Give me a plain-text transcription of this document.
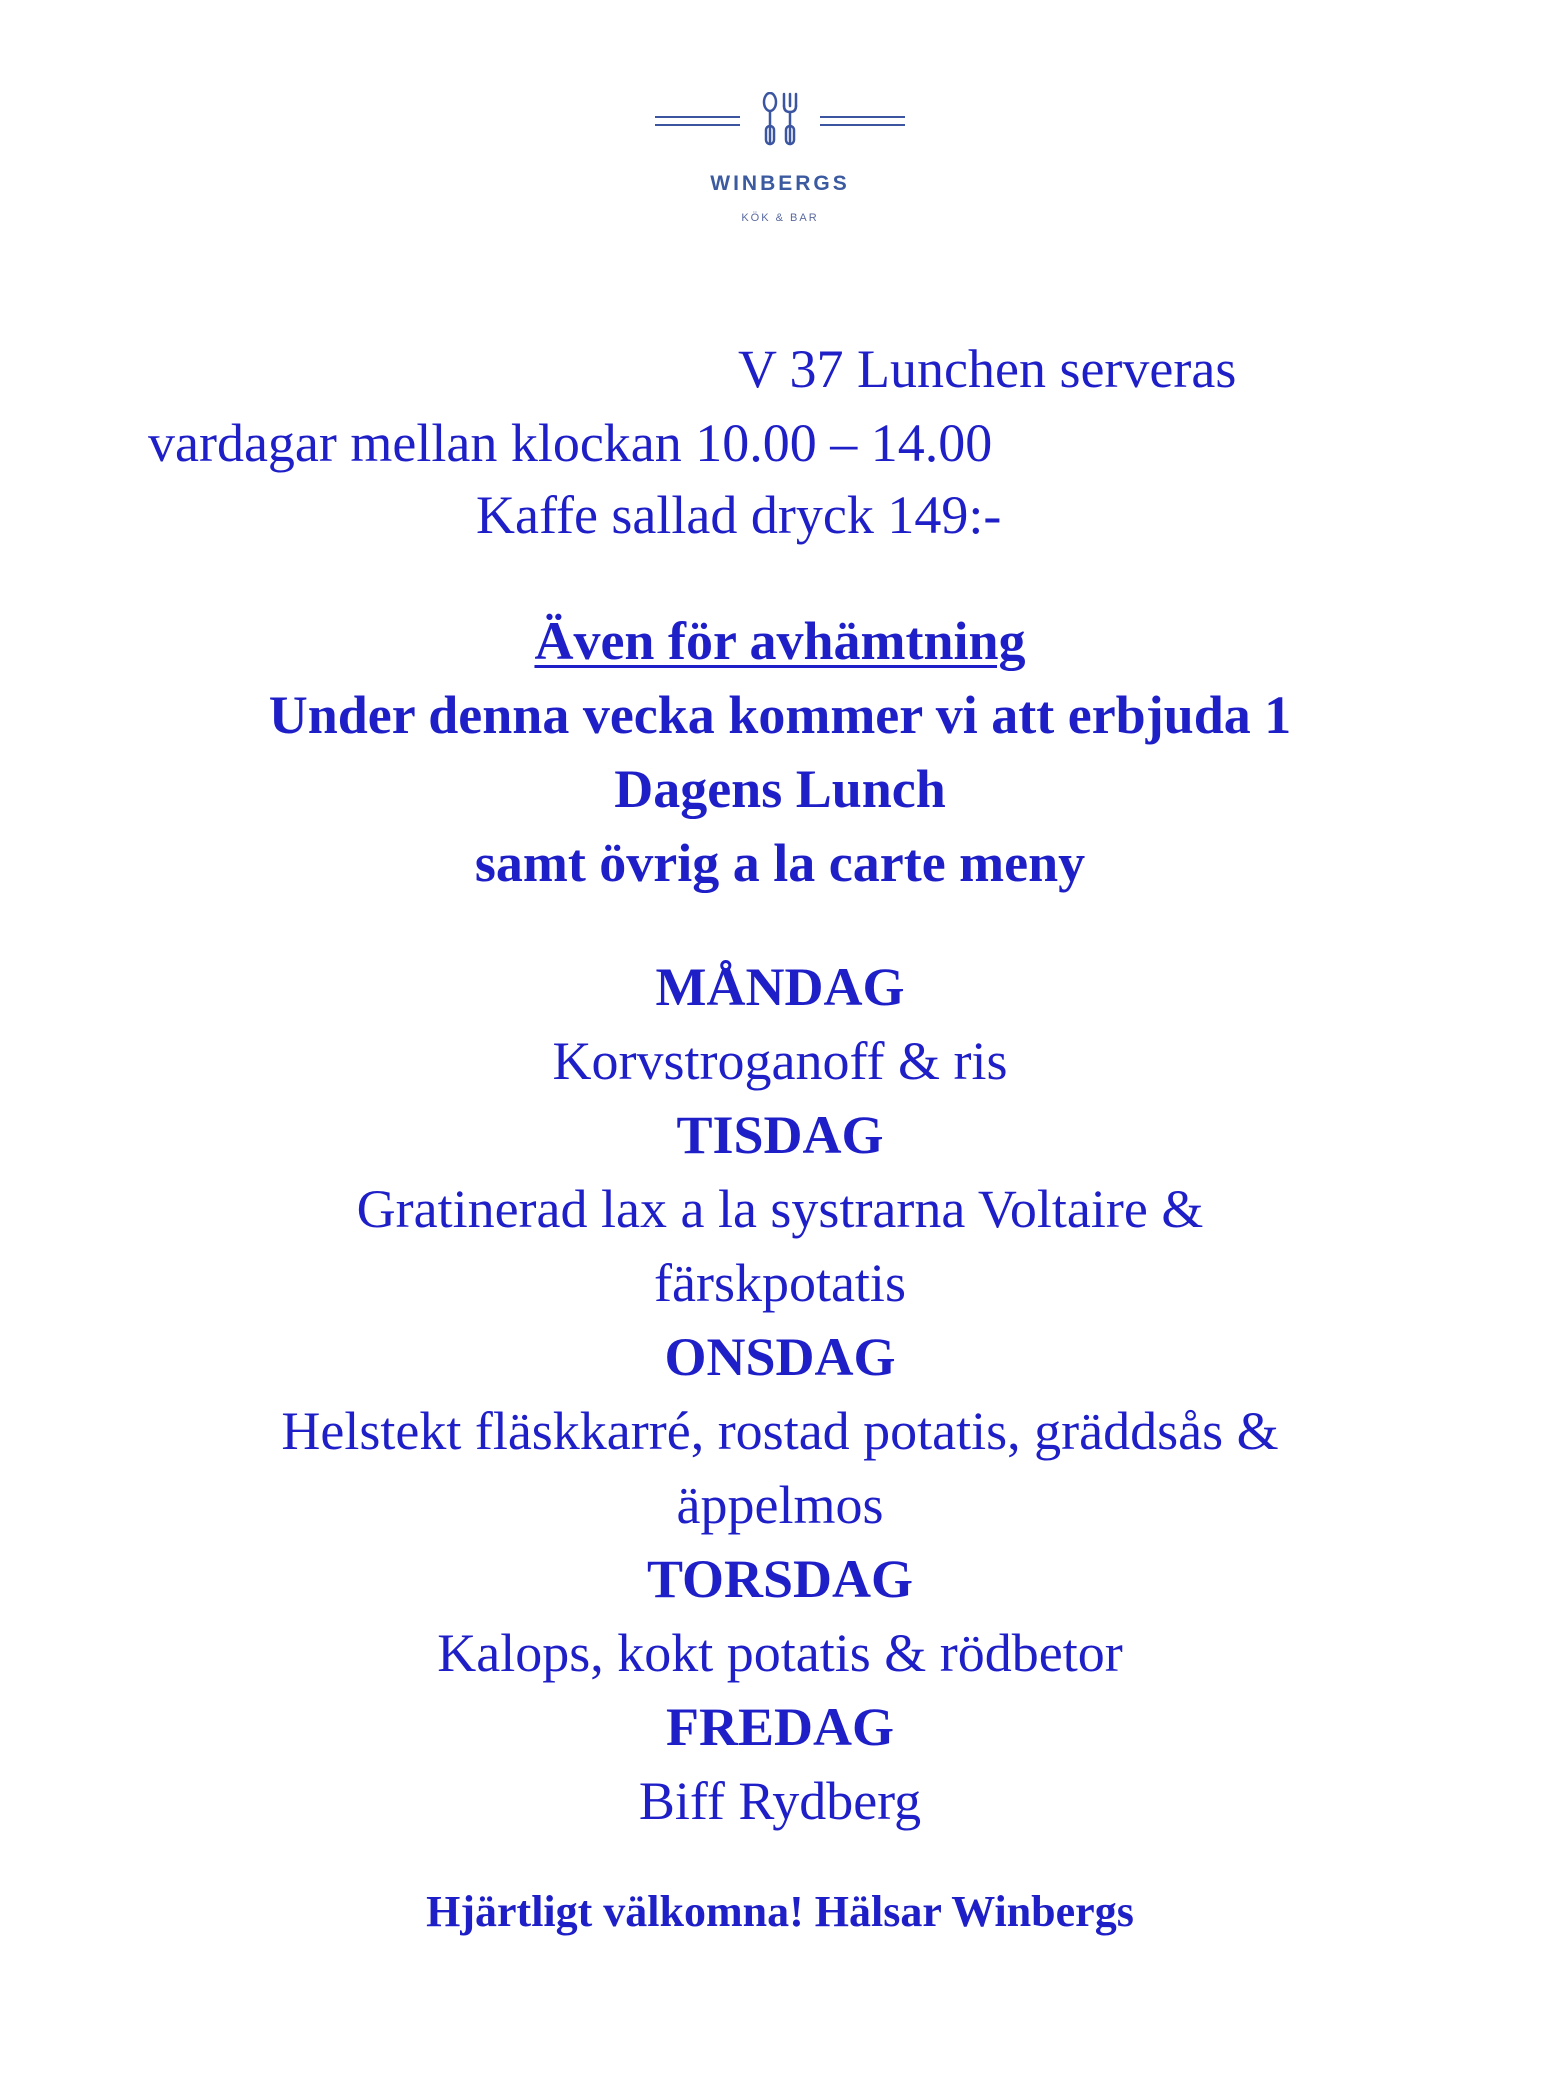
WINBERGS
KÖK & BAR
V 37 Lunchen serveras
vardagar mellan klockan 10.00 – 14.00
Kaffe sallad dryck 149:-
Även för avhämtning
Under denna vecka kommer vi att erbjuda 1
Dagens Lunch
samt övrig a la carte meny
MÅNDAG
Korvstroganoff & ris
TISDAG
Gratinerad lax a la systrarna Voltaire &
färskpotatis
ONSDAG
Helstekt fläskkarré, rostad potatis, gräddsås &
äppelmos
TORSDAG
Kalops, kokt potatis & rödbetor
FREDAG
Biff Rydberg
Hjärtligt välkomna! Hälsar Winbergs
